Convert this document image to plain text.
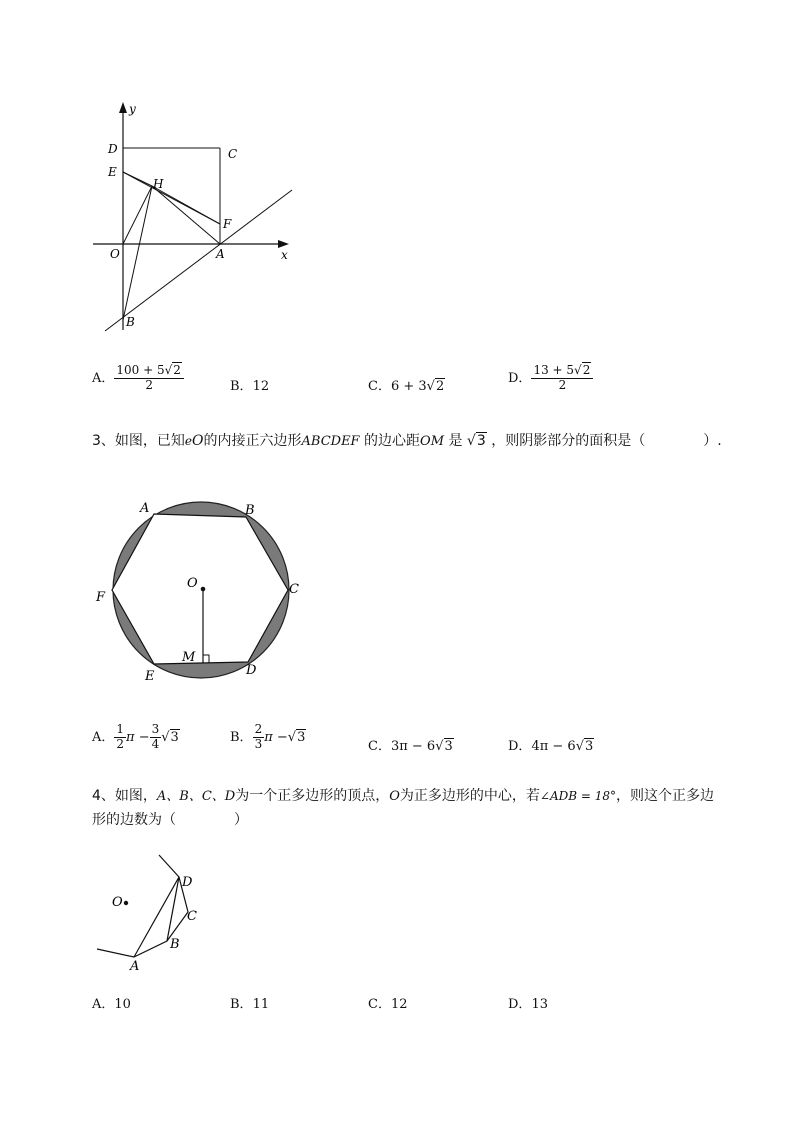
y
x
D	C
E
H
F
O	A
B
A． $\frac{100 + 5√2}{2}$	B．12	C．6 + 3√2
D． $\frac{13 + 5√2}{2}$
3、如图，已知eO的内接正六边形ABCDEF 的边心距OM 是 √3 ，则阴影部分的面积是（	）.
A	B
C
D
E
F
O
M
A． $\frac{1}{2}$ $\pi - \frac{3}{4} √3$	B． $\frac{2}{3}$ π −√3
C．3π − 6√3	D．4π − 6√3
4、如图，A、B、C、D为一个正多边形的顶点，O为正多边形的中心，若∠ADB = 18°，则这个正多边
形的边数为（	）
O
D
C
B
A
A．10	B．11	C．12	D．13
